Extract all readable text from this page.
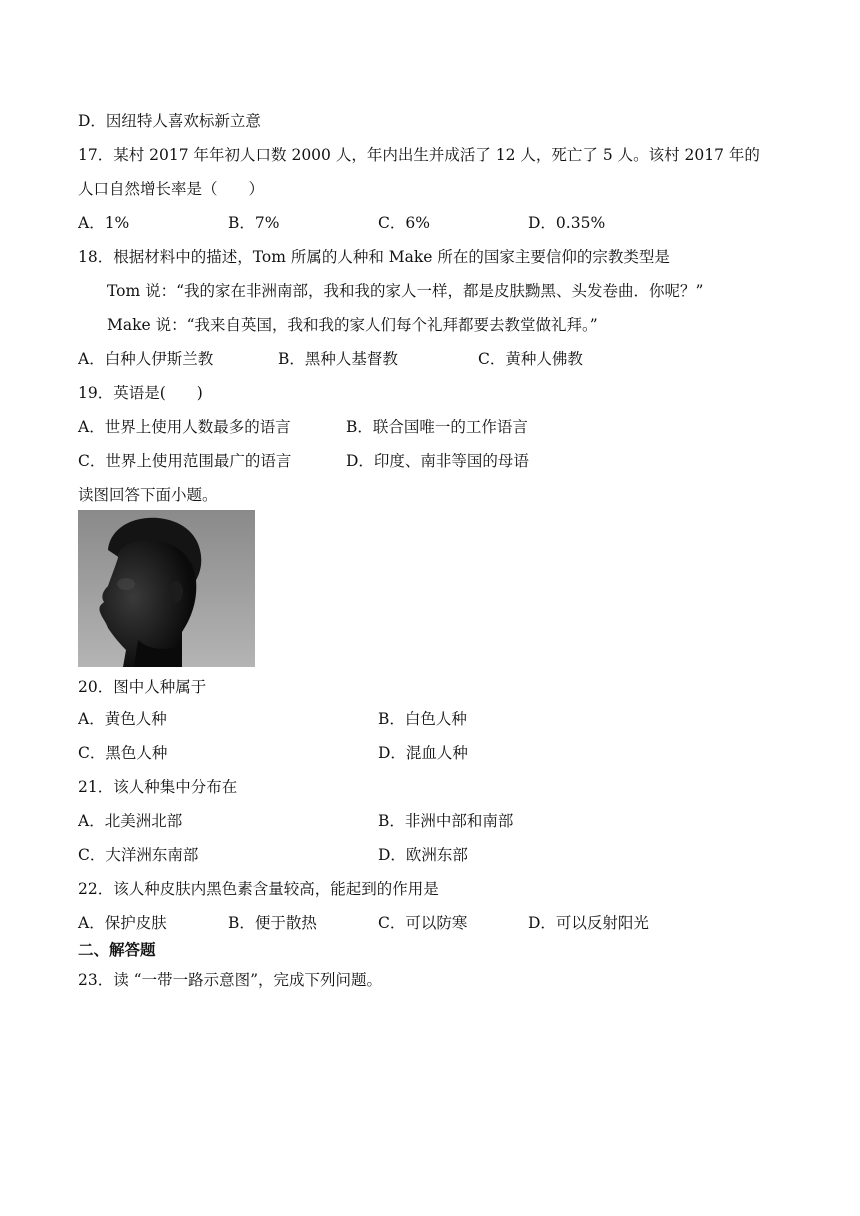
D．因纽特人喜欢标新立意
17．某村 2017 年年初人口数 2000 人，年内出生并成活了 12 人，死亡了 5 人。该村 2017 年的
人口自然增长率是（　　）
A．1%	B．7%	C．6%	D．0.35%
18．根据材料中的描述，Tom 所属的人种和 Make 所在的国家主要信仰的宗教类型是
Tom 说：“我的家在非洲南部，我和我的家人一样，都是皮肤黝黑、头发卷曲．你呢？”
Make 说：“我来自英国，我和我的家人们每个礼拜都要去教堂做礼拜。”
A．白种人伊斯兰教	B．黑种人基督教	C．黄种人佛教
19．英语是(　　)
A．世界上使用人数最多的语言	B．联合国唯一的工作语言
C．世界上使用范围最广的语言	D．印度、南非等国的母语
读图回答下面小题。
20．图中人种属于
A．黄色人种	B．白色人种
C．黑色人种	D．混血人种
21．该人种集中分布在
A．北美洲北部	B．非洲中部和南部
C．大洋洲东南部	D．欧洲东部
22．该人种皮肤内黑色素含量较高，能起到的作用是
A．保护皮肤	B．便于散热	C．可以防寒	D．可以反射阳光
二、解答题
23．读 “一带一路示意图”，完成下列问题。
